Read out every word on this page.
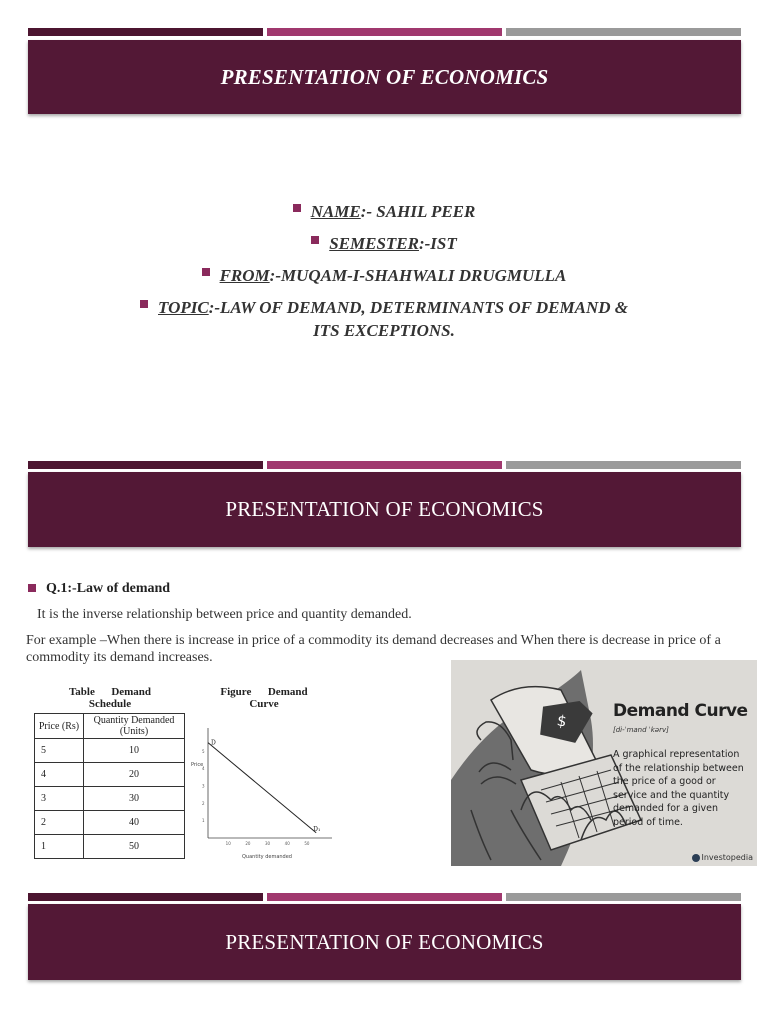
PRESENTATION OF ECONOMICS
NAME:- SAHIL PEER
SEMESTER:-IST
FROM:-MUQAM-I-SHAHWALI DRUGMULLA
TOPIC:-LAW OF DEMAND, DETERMINANTS OF DEMAND &
ITS EXCEPTIONS.
PRESENTATION OF ECONOMICS
Q.1:-Law of demand
It is the inverse relationship between price and quantity demanded.
For example –When there is increase in price of a commodity its demand decreases and When there is decrease in price of a commodity its demand increases.
Table      Demand
Schedule
Price (Rs)	Quantity Demanded (Units)
5	10
4	20
3	30
2	40
1	50
Figure      Demand
Curve
10	20	30	40	50
5
4
3
2
1
D
D₁
Price
Quantity demanded
$	Demand Curve
[di-ˈmand ˈkərv]
A graphical representation of the relationship between the price of a good or service and the quantity demanded for a given period of time.
Investopedia
PRESENTATION OF ECONOMICS
